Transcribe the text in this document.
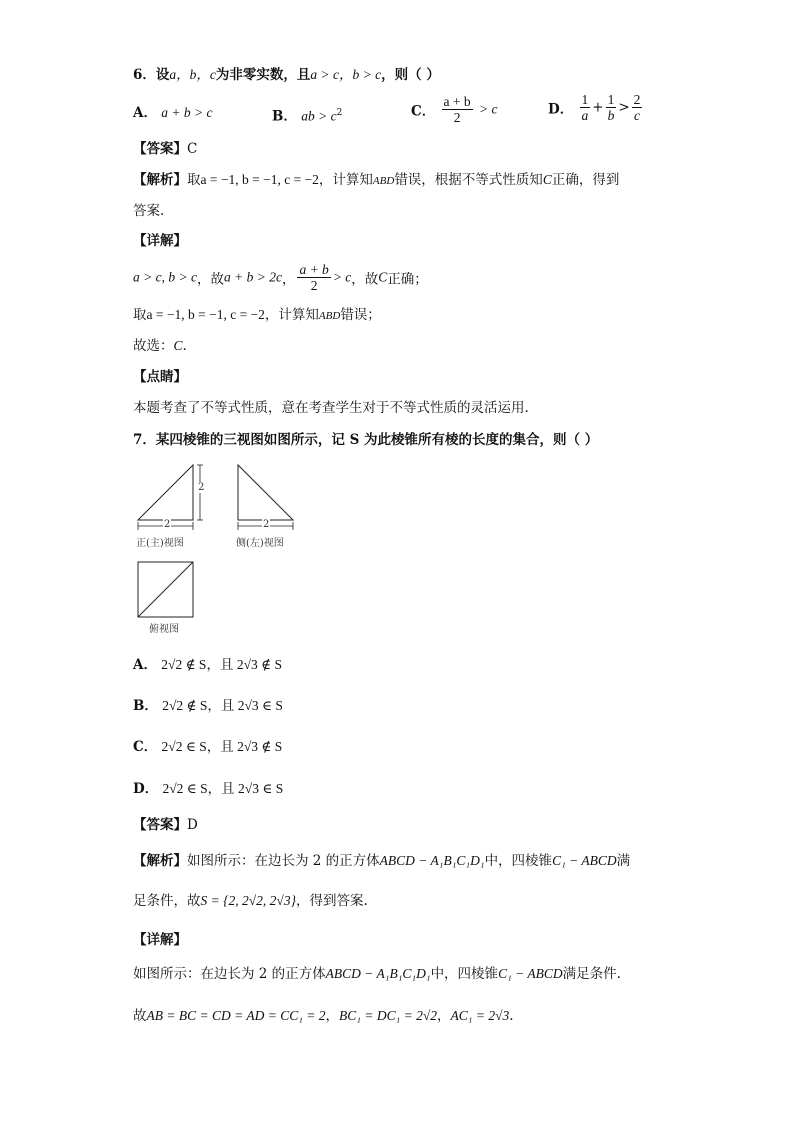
6．设a，b，c为非零实数，且a > c，b > c，则（ ）
A． a + b > c	B． ab > $c^2$	C． $\frac{a + b}{2} > c$	D． $\frac{1}{a} + \frac{1}{b} > \frac{2}{c}$
【答案】C
【解析】取a = −1, b = −1, c = −2，计算知ABD错误，根据不等式性质知C正确，得到
答案.
【详解】
a > c, b > c，故a + b > 2c， $\frac{a + b}{2} > c$，故C正确；
取a = −1, b = −1, c = −2，计算知ABD错误；
故选：C.
【点睛】
本题考查了不等式性质，意在考查学生对于不等式性质的灵活运用.
7．某四棱锥的三视图如图所示，记 S 为此棱锥所有棱的长度的集合，则（ ）
2
2	2
正(主)视图	侧(左)视图
俯视图
A． 2√2 ∉ S，且 2√3 ∉ S
B． 2√2 ∉ S，且 2√3 ∈ S
C． 2√2 ∈ S，且 2√3 ∉ S
D． 2√2 ∈ S，且 2√3 ∈ S
【答案】D
【解析】如图所示：在边长为 2 的正方体ABCD − A₁B₁C₁D₁中，四棱锥C₁ − ABCD满
足条件，故S = {2, 2√2, 2√3}，得到答案.
【详解】
如图所示：在边长为 2 的正方体ABCD − A₁B₁C₁D₁中，四棱锥C₁ − ABCD满足条件.
故AB = BC = CD = AD = CC₁ = 2，BC₁ = DC₁ = 2√2，AC₁ = 2√3.
